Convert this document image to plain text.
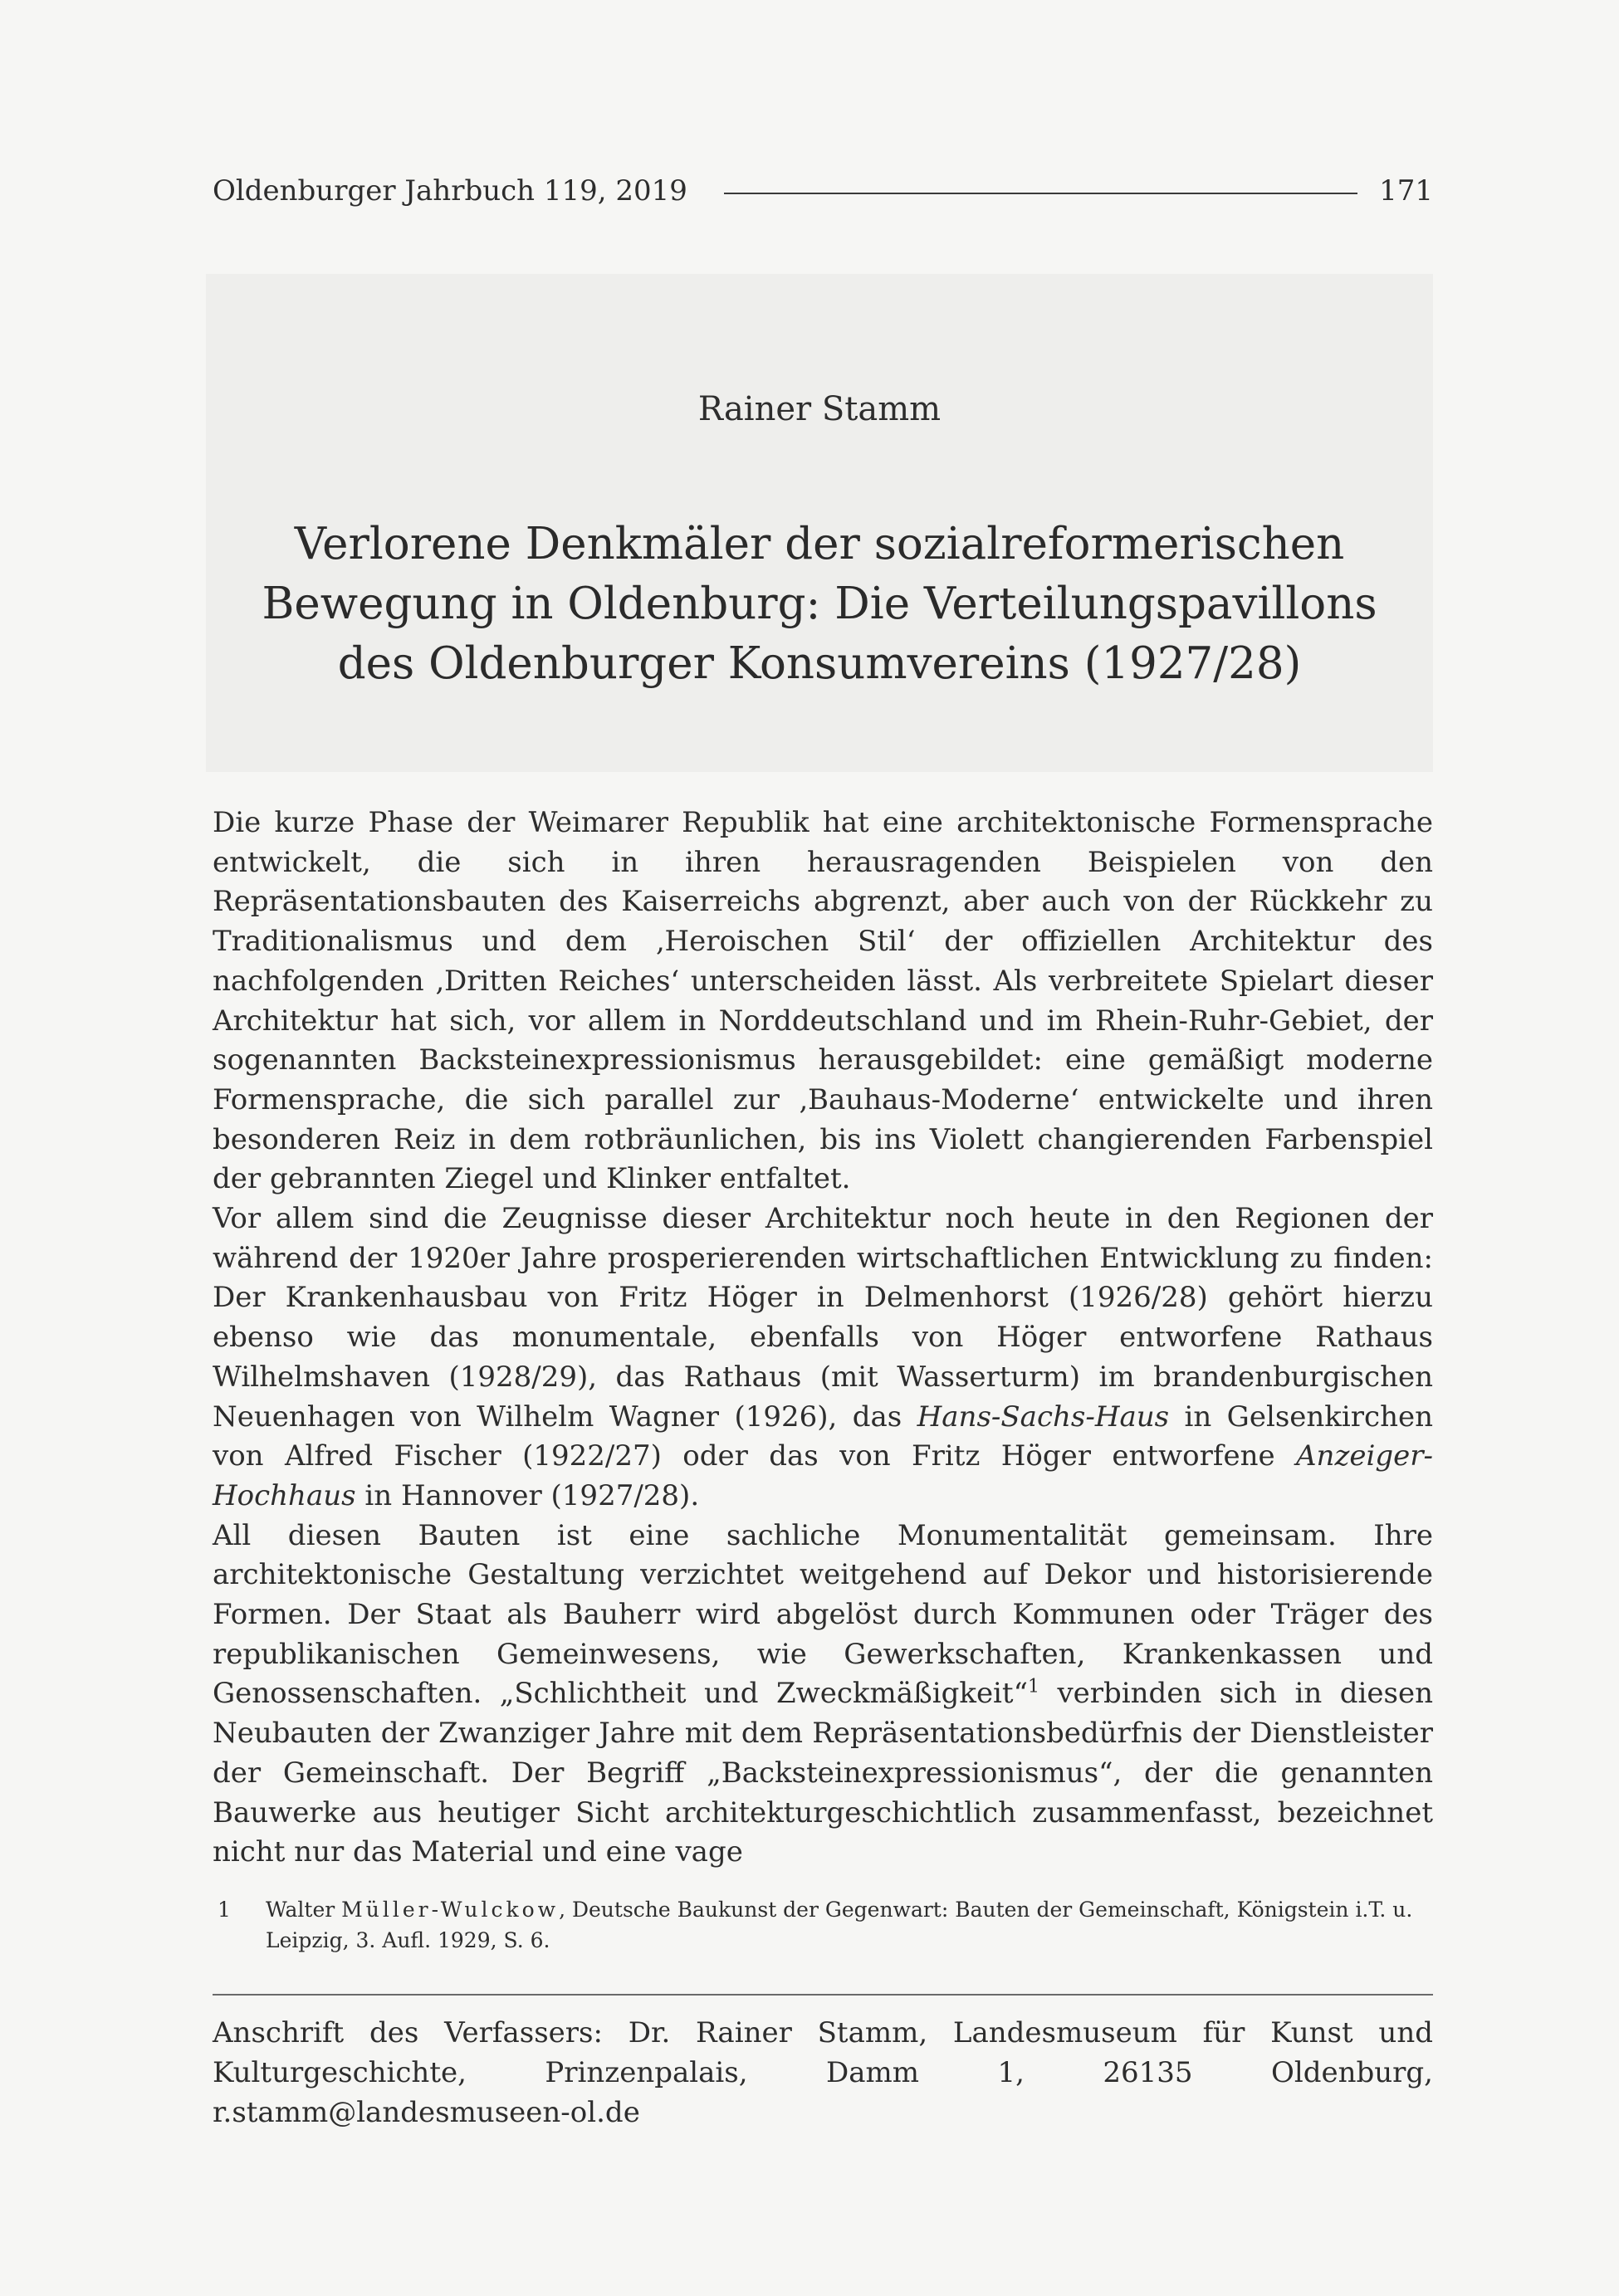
Oldenburger Jahrbuch 119, 2019	171
Rainer Stamm
Verlorene Denkmäler der sozialreformerischen
Bewegung in Oldenburg: Die Verteilungspavillons
des Oldenburger Konsumvereins (1927/28)

Die kurze Phase der Weimarer Republik hat eine architektonische Formensprache entwickelt, die sich in ihren herausragenden Beispielen von den Repräsentationsbauten des Kaiserreichs abgrenzt, aber auch von der Rückkehr zu Traditionalismus und dem ‚Heroischen Stil‘ der offiziellen Architektur des nachfolgenden ‚Dritten Reiches‘ unterscheiden lässt. Als verbreitete Spielart dieser Architektur hat sich, vor allem in Norddeutschland und im Rhein-Ruhr-Gebiet, der sogenannten Backsteinexpressionismus herausgebildet: eine gemäßigt moderne Formensprache, die sich parallel zur ‚Bauhaus-Moderne‘ entwickelte und ihren besonderen Reiz in dem rotbräunlichen, bis ins Violett changierenden Farbenspiel der gebrannten Ziegel und Klinker entfaltet.

Vor allem sind die Zeugnisse dieser Architektur noch heute in den Regionen der während der 1920er Jahre prosperierenden wirtschaftlichen Entwicklung zu finden: Der Krankenhausbau von Fritz Höger in Delmenhorst (1926/28) gehört hierzu ebenso wie das monumentale, ebenfalls von Höger entworfene Rathaus Wilhelmshaven (1928/29), das Rathaus (mit Wasserturm) im brandenburgischen Neuenhagen von Wilhelm Wagner (1926), das Hans-Sachs-Haus in Gelsenkirchen von Alfred Fischer (1922/27) oder das von Fritz Höger entworfene Anzeiger-Hochhaus in Hannover (1927/28).

All diesen Bauten ist eine sachliche Monumentalität gemeinsam. Ihre architektonische Gestaltung verzichtet weitgehend auf Dekor und historisierende Formen. Der Staat als Bauherr wird abgelöst durch Kommunen oder Träger des republikanischen Gemeinwesens, wie Gewerkschaften, Krankenkassen und Genossenschaften. „Schlichtheit und Zweckmäßigkeit“$^1$ verbinden sich in diesen Neubauten der Zwanziger Jahre mit dem Repräsentationsbedürfnis der Dienstleister der Gemeinschaft. Der Begriff „Backsteinexpressionismus“, der die genannten Bauwerke aus heutiger Sicht architekturgeschichtlich zusammenfasst, bezeichnet nicht nur das Material und eine vage

1	Walter Müller-Wulckow, Deutsche Baukunst der Gegenwart: Bauten der Gemeinschaft, Königstein i.T. u. Leipzig, 3. Aufl. 1929, S. 6.
Anschrift des Verfassers: Dr. Rainer Stamm, Landesmuseum für Kunst und Kulturgeschichte, Prinzenpalais, Damm 1, 26135 Oldenburg, r.stamm@landesmuseen-ol.de
